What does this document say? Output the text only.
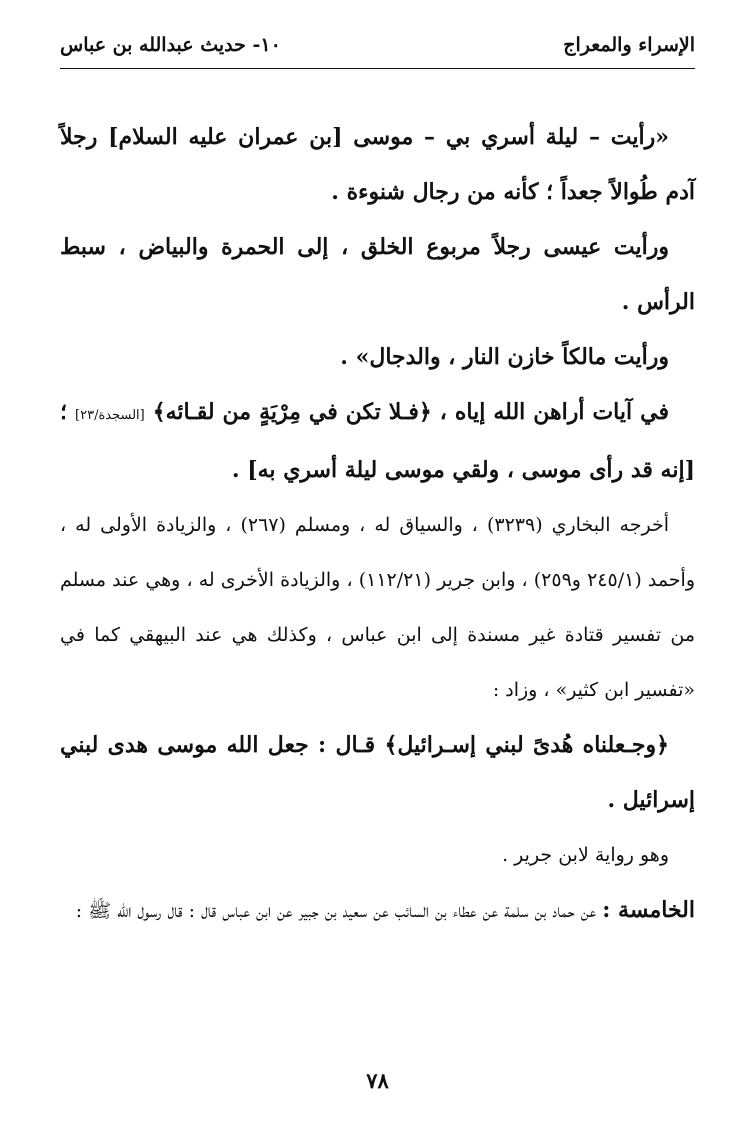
الإسراء والمعراج
١٠- حديث عبدالله بن عباس

«رأيت – ليلة أسري بي – موسى [بن عمران عليه السلام] رجلاً آدم طُوالاً جعداً ؛ كأنه من رجال شنوءة .

ورأيت عيسى رجلاً مربوع الخلق ، إلى الحمرة والبياض ، سبط الرأس .

ورأيت مالكاً خازن النار ، والدجال» .

في آيات أراهن الله إياه ، ﴿فـلا تكن في مِرْيَةٍ من لقـائه﴾ [السجدة/٢٣] ؛ [إنه قد رأى موسى ، ولقي موسى ليلة أسري به] .

أخرجه البخاري (٣٢٣٩) ، والسياق له ، ومسلم (٢٦٧) ، والزيادة الأولى له ، وأحمد (٢٤٥/١ و٢٥٩) ، وابن جرير (١١٢/٢١) ، والزيادة الأخرى له ، وهي عند مسلم من تفسير قتادة غير مسندة إلى ابن عباس ، وكذلك هي عند البيهقي كما في «تفسير ابن كثير» ، وزاد :

﴿وجـعلناه هُدىً لبني إسـرائيل﴾ قـال : جعل الله موسى هدى لبني إسرائيل .

وهو رواية لابن جرير .

الخامسة : عن حماد بن سلمة عن عطاء بن السائب عن سعيد بن جبير عن ابن عباس قال : قال رسول الله ﷺ :

٧٨
